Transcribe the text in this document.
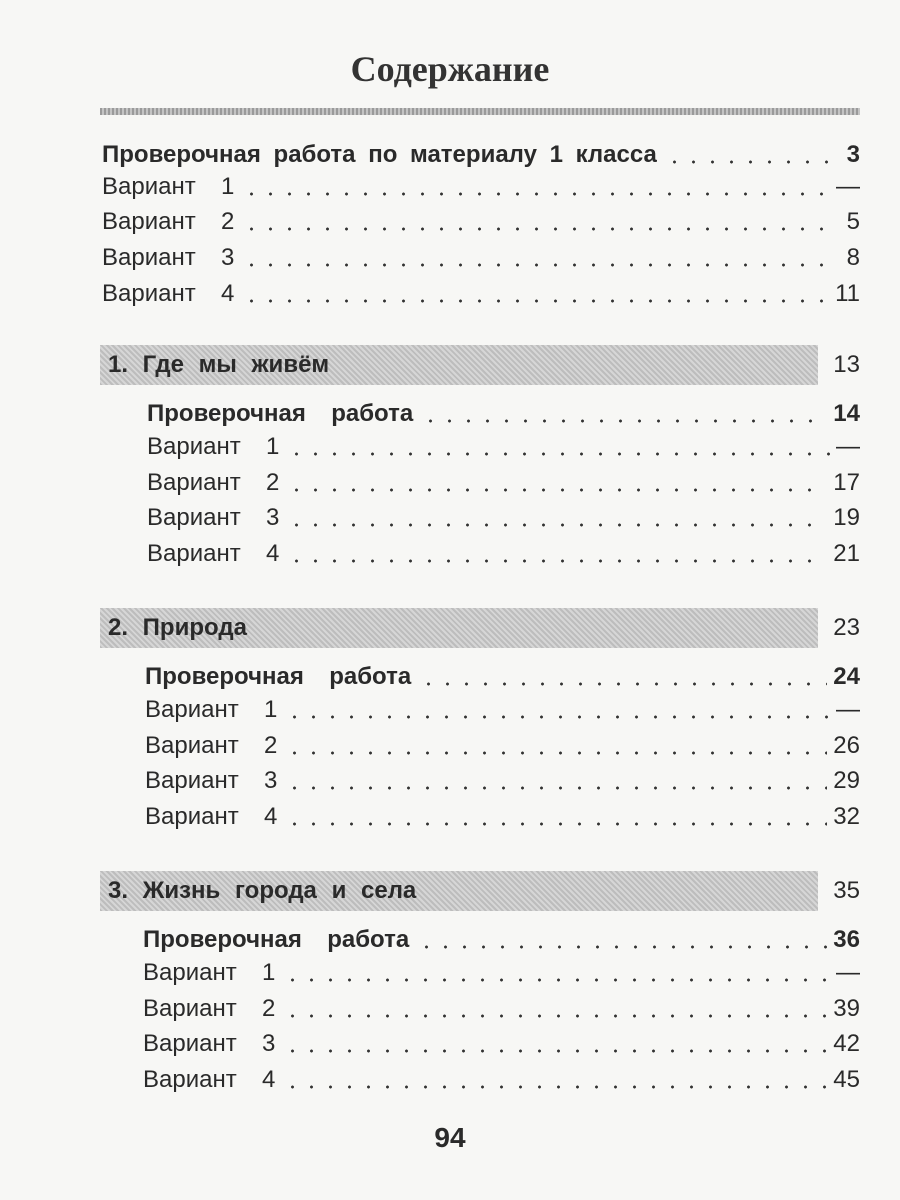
Содержание
Проверочная работа по материалу 1 класса	3
Вариант  1	—
Вариант  2	5
Вариант  3	8
Вариант  4	11
1. Где мы живём	13
Проверочная  работа	14
Вариант  1	—
Вариант  2	17
Вариант  3	19
Вариант  4	21
2. Природа	23
Проверочная  работа	24
Вариант  1	—
Вариант  2	26
Вариант  3	29
Вариант  4	32
3. Жизнь города и села	35
Проверочная  работа	36
Вариант  1	—
Вариант  2	39
Вариант  3	42
Вариант  4	45
94
